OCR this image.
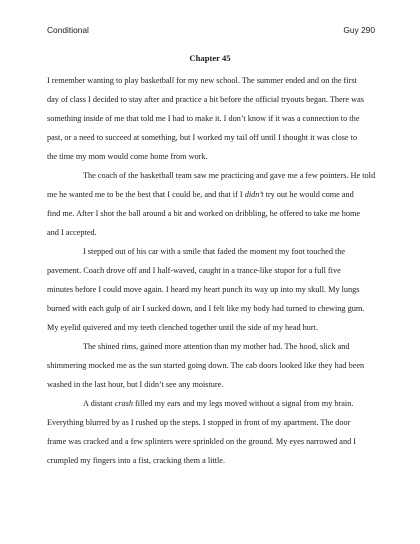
Conditional	Guy 290
Chapter 45
I remember wanting to play basketball for my new school. The summer ended and on the first
day of class I decided to stay after and practice a bit before the official tryouts began. There was
something inside of me that told me I had to make it. I don’t know if it was a connection to the
past, or a need to succeed at something, but I worked my tail off until I thought it was close to
the time my mom would come home from work.
The coach of the basketball team saw me practicing and gave me a few pointers. He told
me he wanted me to be the best that I could be, and that if I didn’t try out he would come and
find me. After I shot the ball around a bit and worked on dribbling, he offered to take me home
and I accepted.
I stepped out of his car with a smile that faded the moment my foot touched the
pavement. Coach drove off and I half-waved, caught in a trance-like stupor for a full five
minutes before I could move again. I heard my heart punch its way up into my skull. My lungs
burned with each gulp of air I sucked down, and I felt like my body had turned to chewing gum.
My eyelid quivered and my teeth clenched together until the side of my head hurt.
The shined rims, gained more attention than my mother had. The hood, slick and
shimmering mocked me as the sun started going down. The cab doors looked like they had been
washed in the last hour, but I didn’t see any moisture.
A distant crash filled my ears and my legs moved without a signal from my brain.
Everything blurred by as I rushed up the steps. I stopped in front of my apartment. The door
frame was cracked and a few splinters were sprinkled on the ground. My eyes narrowed and I
crumpled my fingers into a fist, cracking them a little.
